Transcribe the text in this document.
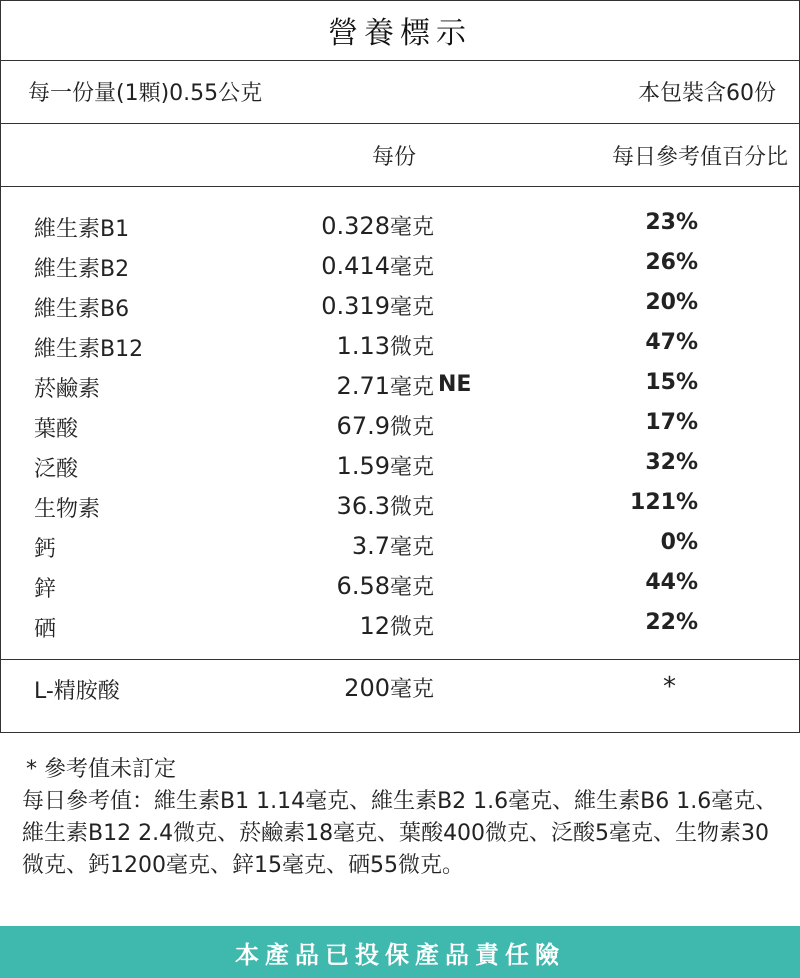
營養標示
每一份量(1顆)0.55公克	本包裝含60份
每份	每日參考值百分比
維生素B1	0.328毫克	23%
維生素B2	0.414毫克	26%
維生素B6	0.319毫克	20%
維生素B12	1.13微克	47%
菸鹼素	2.71毫克 NE	15%
葉酸	67.9微克	17%
泛酸	1.59毫克	32%
生物素	36.3微克	121%
鈣	3.7毫克	0%
鋅	6.58毫克	44%
硒	12微克	22%
L-精胺酸	200毫克	*
* 參考值未訂定
每日參考值：維生素B1 1.14毫克、維生素B2 1.6毫克、維生素B6 1.6毫克、維生素B12 2.4微克、菸鹼素18毫克、葉酸400微克、泛酸5毫克、生物素30微克、鈣1200毫克、鋅15毫克、硒55微克。
本產品已投保產品責任險
